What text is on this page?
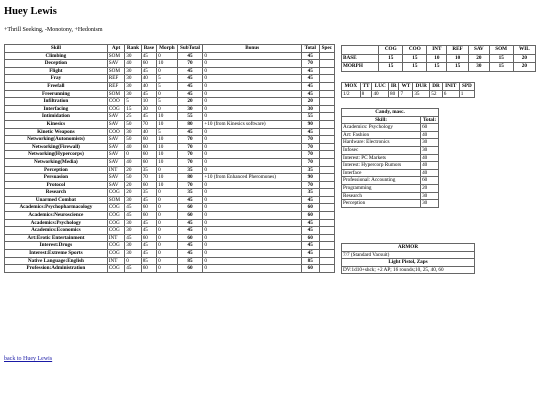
Huey Lewis
+Thrill Seeking, -Monotony, +Hedonism
Skill	Apt	Rank	Base	Morph	SubTotal	Bonus	Total	Spec
Climbing	SOM	30	45	0	45	0	45	
Deception	SAV	40	60	10	70	0	70	
Flight	SOM	30	45	0	45	0	45	
Fray	REF	30	40	5	45	0	45	
Freefall	REF	30	40	5	45	0	45	
Freerunning	SOM	30	45	0	45	0	45	
Infiltration	COO	5	10	5	20	0	20	
Interfacing	COG	15	30	0	30	0	30	
Intimidation	SAV	25	45	10	55	0	55	
Kinesics	SAV	50	70	10	80	+10 (from Kinesics software)	90	
Kinetic Weapons	COO	30	40	5	45	0	45	
Networking(Autonomists)	SAV	50	60	10	70	0	70	
Networking(Firewall)	SAV	40	60	10	70	0	70	
Networking(Hypercorps)	SAV	0	60	10	70	0	70	
Networking(Media)	SAV	40	60	10	70	0	70	
Perception	INT	20	35	0	35	0	35	
Persuasion	SAV	50	70	10	80	+10 (from Enhanced Pheromones)	90	
Protocol	SAV	20	60	10	70	0	70	
Research	COG	20	35	0	35	0	35	
Unarmed Combat	SOM	30	45	0	45	0	45	
Academics:Psychopharmacology	COG	45	60	0	60	0	60	
Academics:Neuroscience	COG	45	60	0	60	0	60	
Academics:Psychology	COG	30	45	0	45	0	45	
Academics:Economics	COG	30	45	0	45	0	45	
Art:Erotic Entertainment	INT	45	60	0	60	0	60	
Interest:Drugs	COG	30	45	0	45	0	45	
Interest:Extreme Sports	COG	30	45	0	45	0	45	
Native Language:English	INT	0	85	0	85	0	85	
Profession:Administration	COG	45	60	0	60	0	60	
	COG	COO	INT	REF	SAV	SOM	WIL
BASE	15	15	10	10	20	15	20
MORPH	15	15	15	15	30	15	20
MOX	TT	LUC	IR	WT	DUR	DR	INIT	SPD
1/2	8	40	80	7	35	52	6	1
Candy, masc.	
Skill:	Total:
Academics: Psychology	60
Art: Fashion	40
Hardware: Electronics	30
Infosec	30
Interest: PC Markets	40
Interest: Hypercorp Rumors	40
Interface	40
Professional: Accounting	60
Programming	20
Research	30
Perception	30
ARMOR
7/7 (Standard Vacsuit)
Light Pistol, Zaps
DV:1d10+shck; +2 AP; 16 rounds;10, 25, 40, 60
back to Huey Lewis
